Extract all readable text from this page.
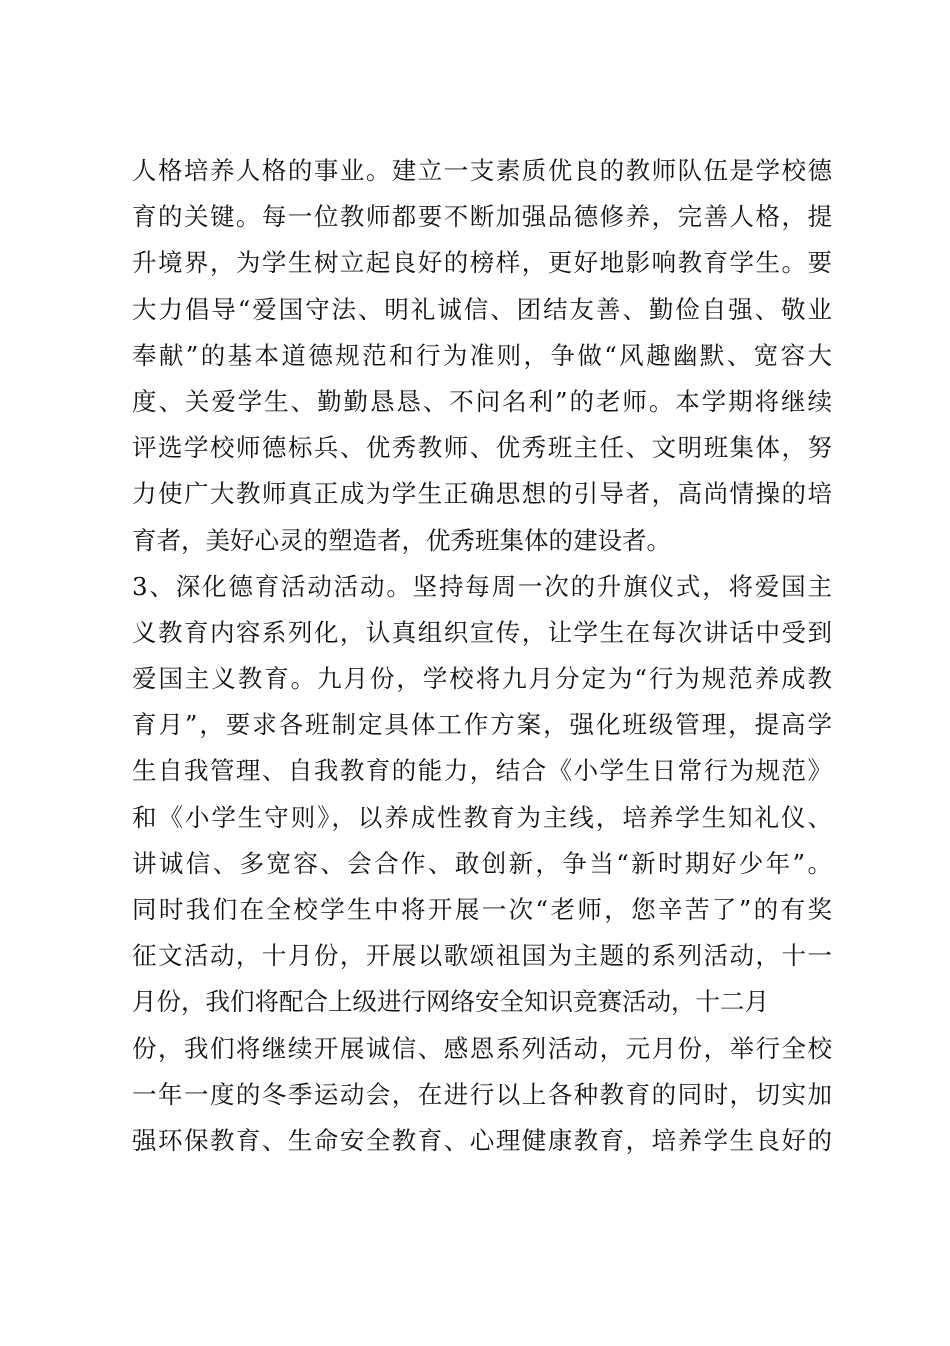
人格培养人格的事业。建立一支素质优良的教师队伍是学校德
育的关键。每一位教师都要不断加强品德修养，完善人格，提
升境界，为学生树立起良好的榜样，更好地影响教育学生。要
大力倡导“爱国守法、明礼诚信、团结友善、勤俭自强、敬业
奉献”的基本道德规范和行为准则，争做“风趣幽默、宽容大
度、关爱学生、勤勤恳恳、不问名利”的老师。本学期将继续
评选学校师德标兵、优秀教师、优秀班主任、文明班集体，努
力使广大教师真正成为学生正确思想的引导者，高尚情操的培
育者，美好心灵的塑造者，优秀班集体的建设者。
3、深化德育活动活动。坚持每周一次的升旗仪式，将爱国主
义教育内容系列化，认真组织宣传，让学生在每次讲话中受到
爱国主义教育。九月份，学校将九月分定为“行为规范养成教
育月”，要求各班制定具体工作方案，强化班级管理，提高学
生自我管理、自我教育的能力，结合《小学生日常行为规范》
和《小学生守则》，以养成性教育为主线，培养学生知礼仪、
讲诚信、多宽容、会合作、敢创新，争当“新时期好少年”。
同时我们在全校学生中将开展一次“老师，您辛苦了”的有奖
征文活动，十月份，开展以歌颂祖国为主题的系列活动，十一
月份，我们将配合上级进行网络安全知识竞赛活动，十二月
份，我们将继续开展诚信、感恩系列活动，元月份，举行全校
一年一度的冬季运动会，在进行以上各种教育的同时，切实加
强环保教育、生命安全教育、心理健康教育，培养学生良好的
